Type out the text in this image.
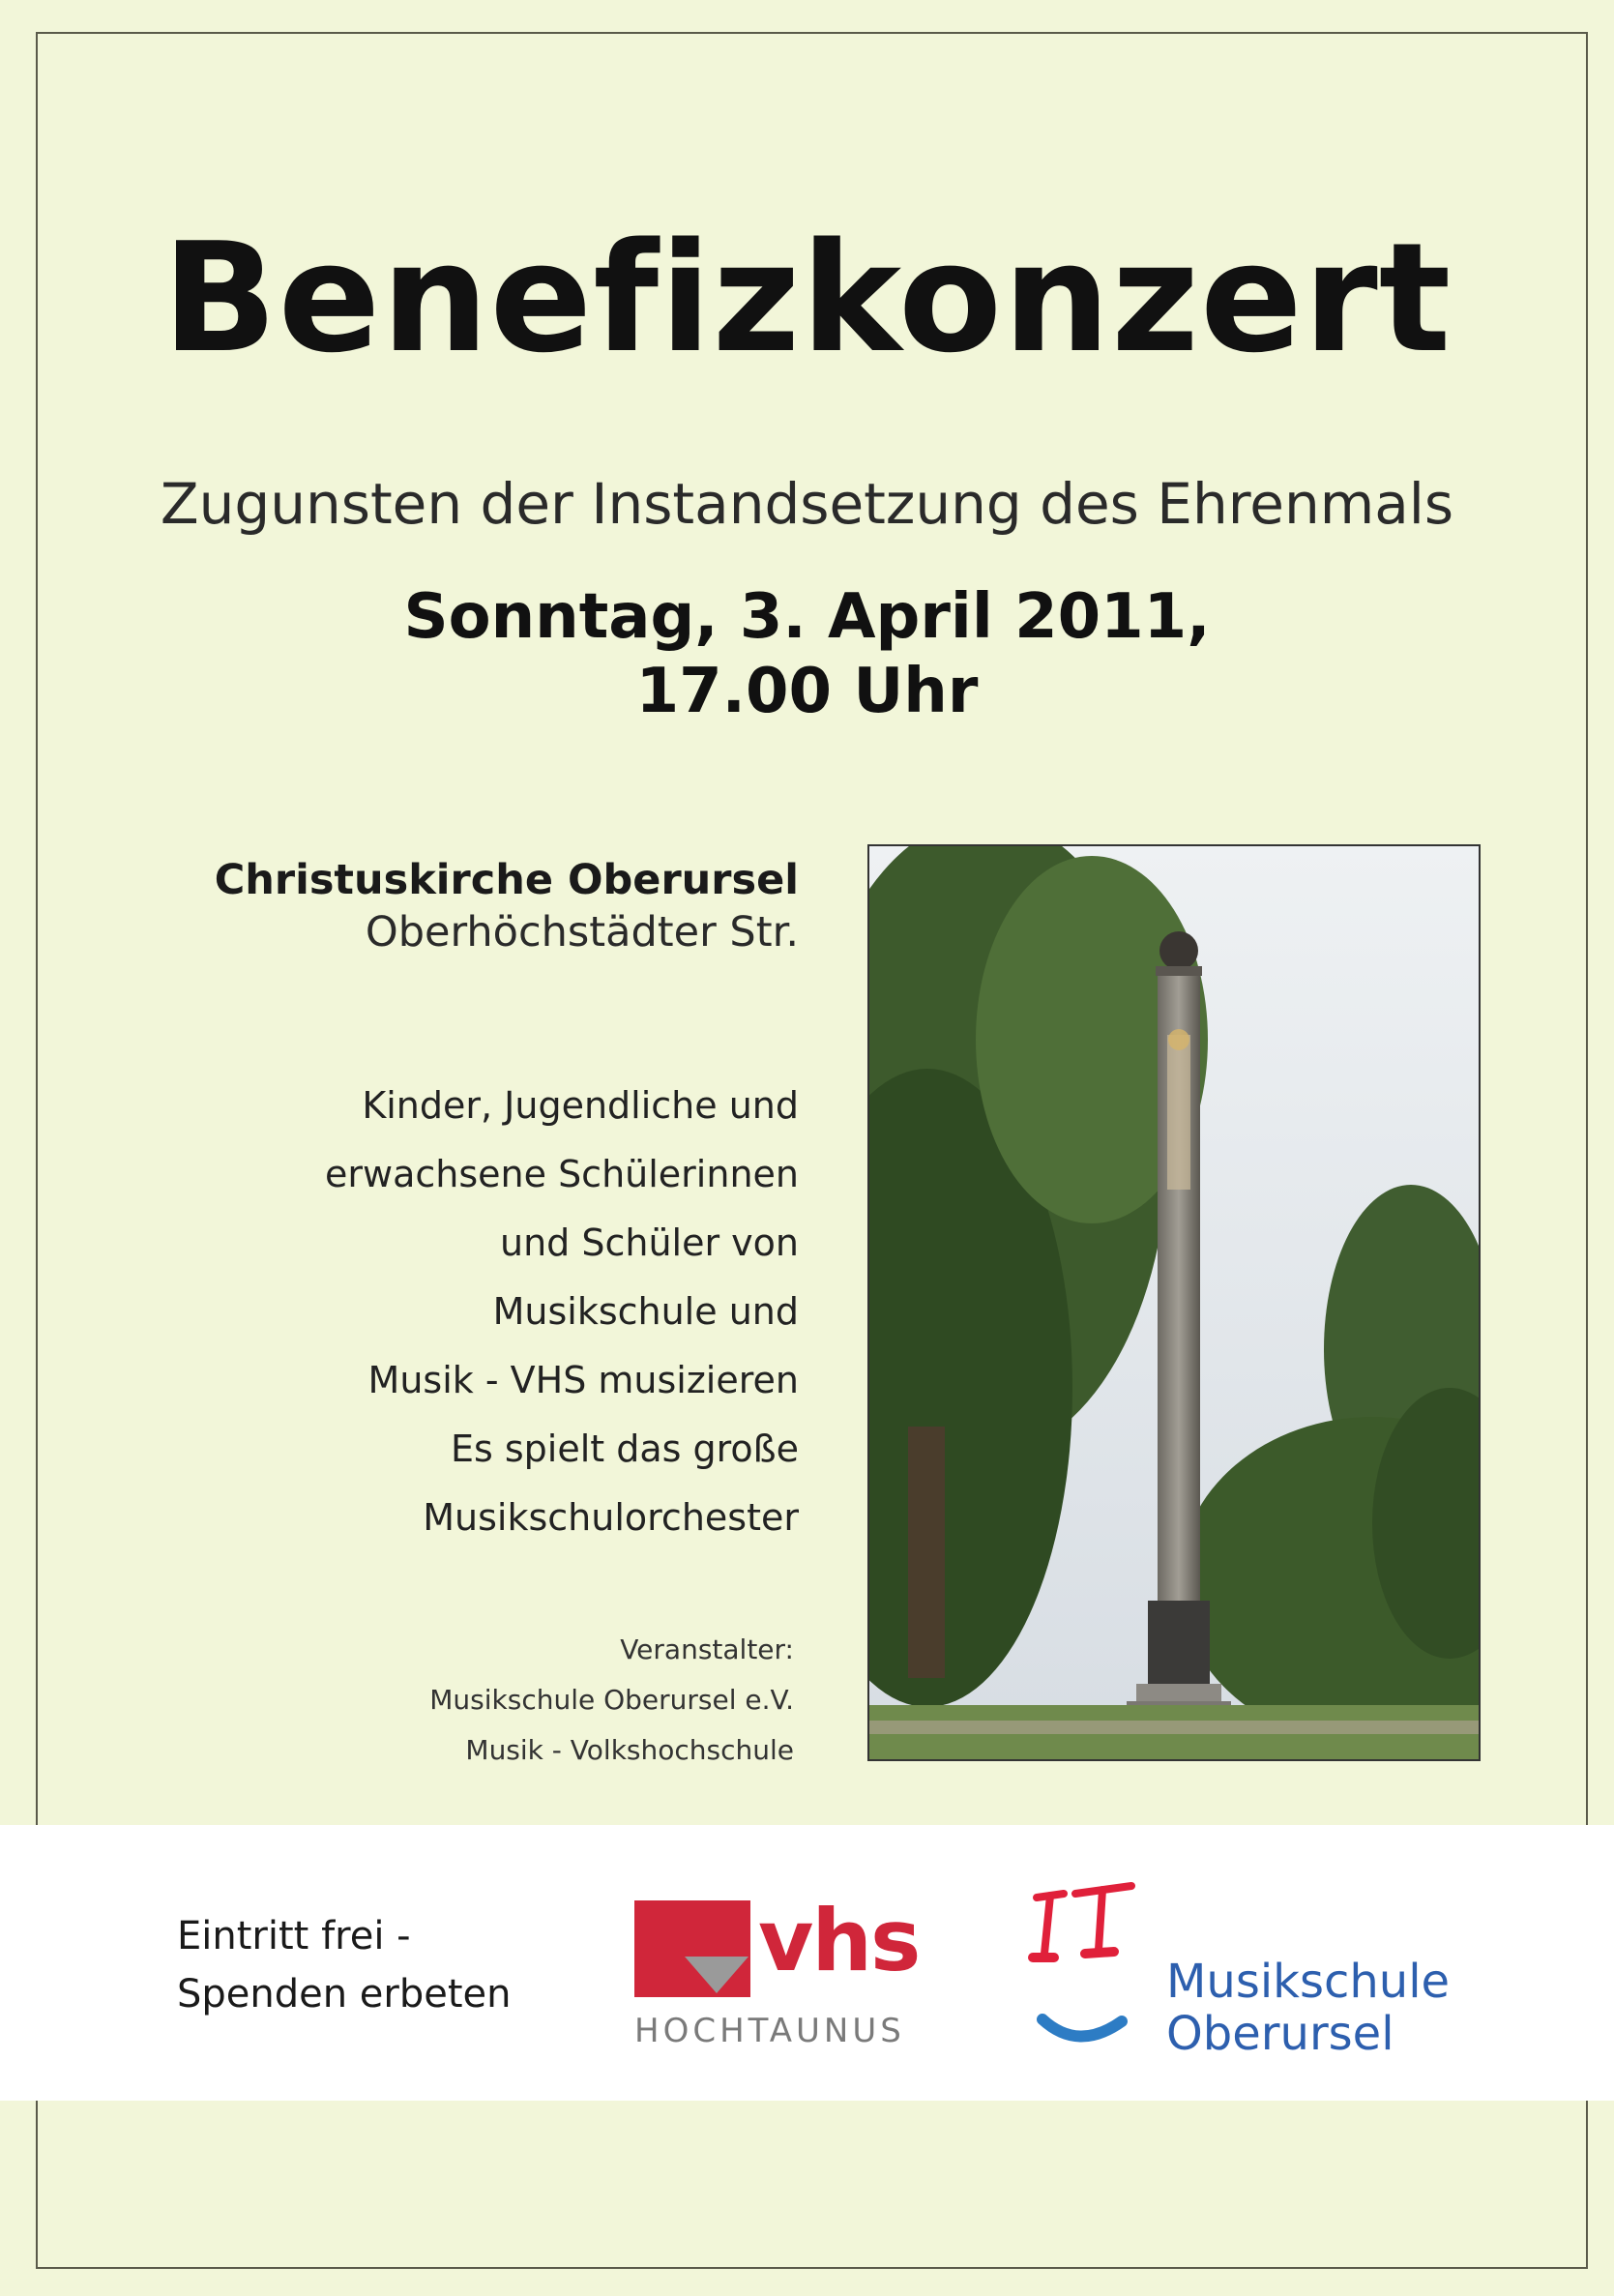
Benefizkonzert
Zugunsten der Instandsetzung des Ehrenmals
Sonntag, 3. April 2011,
17.00 Uhr
Christuskirche Oberursel
Oberhöchstädter Str.
Kinder, Jugendliche und
erwachsene Schülerinnen
und Schüler von
Musikschule und
Musik - VHS musizieren
Es spielt das große
Musikschulorchester
Veranstalter:
Musikschule Oberursel e.V.
Musik - Volkshochschule
Eintritt frei -
Spenden erbeten
vhs
HOCHTAUNUS
Musikschule
Oberursel
